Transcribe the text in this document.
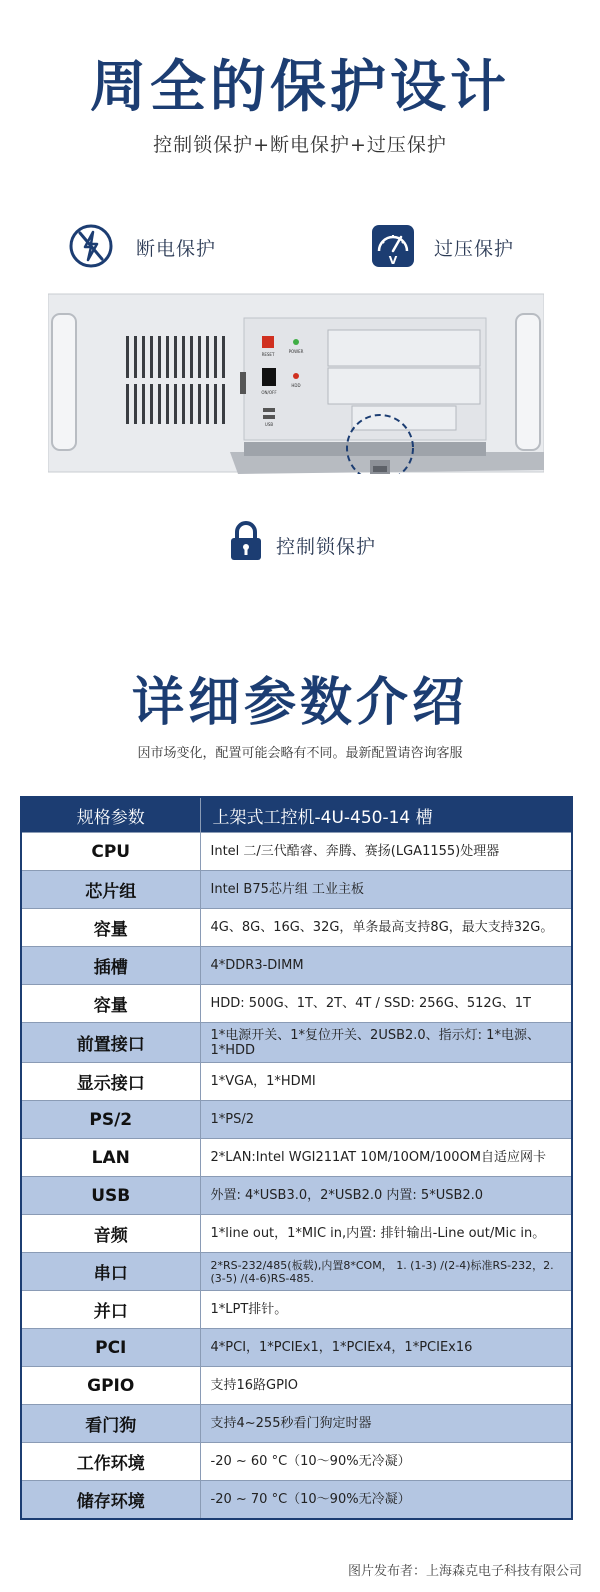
周全的保护设计
控制锁保护+断电保护+过压保护
断电保护
V
过压保护
RESET
POWER
HDD
ON/OFF
USB
控制锁保护
详细参数介绍
因市场变化，配置可能会略有不同。最新配置请咨询客服
规格参数	上架式工控机-4U-450-14 槽
CPU	Intel 二/三代酷睿、奔腾、赛扬(LGA1155)处理器
芯片组	Intel B75芯片组 工业主板
容量	4G、8G、16G、32G，单条最高支持8G，最大支持32G。
插槽	4*DDR3-DIMM
容量	HDD: 500G、1T、2T、4T / SSD: 256G、512G、1T
前置接口	1*电源开关、1*复位开关、2USB2.0、指示灯: 1*电源、1*HDD
显示接口	1*VGA，1*HDMI
PS/2	1*PS/2
LAN	2*LAN:Intel WGI211AT 10M/10OM/100OM自适应网卡
USB	外置: 4*USB3.0，2*USB2.0 内置: 5*USB2.0
音频	1*line out，1*MIC in,内置: 排针输出-Line out/Mic in。
串口	2*RS-232/485(板载),内置8*COM， 1. (1-3) /(2-4)标准RS-232，2. (3-5) /(4-6)RS-485.
并口	1*LPT排针。
PCI	4*PCI，1*PCIEx1，1*PCIEx4，1*PCIEx16
GPIO	支持16路GPIO
看门狗	支持4~255秒看门狗定时器
工作环境	-20 ~ 60 °C（10～90%无冷凝）
储存环境	-20 ~ 70 °C（10～90%无冷凝）
图片发布者：上海森克电子科技有限公司
